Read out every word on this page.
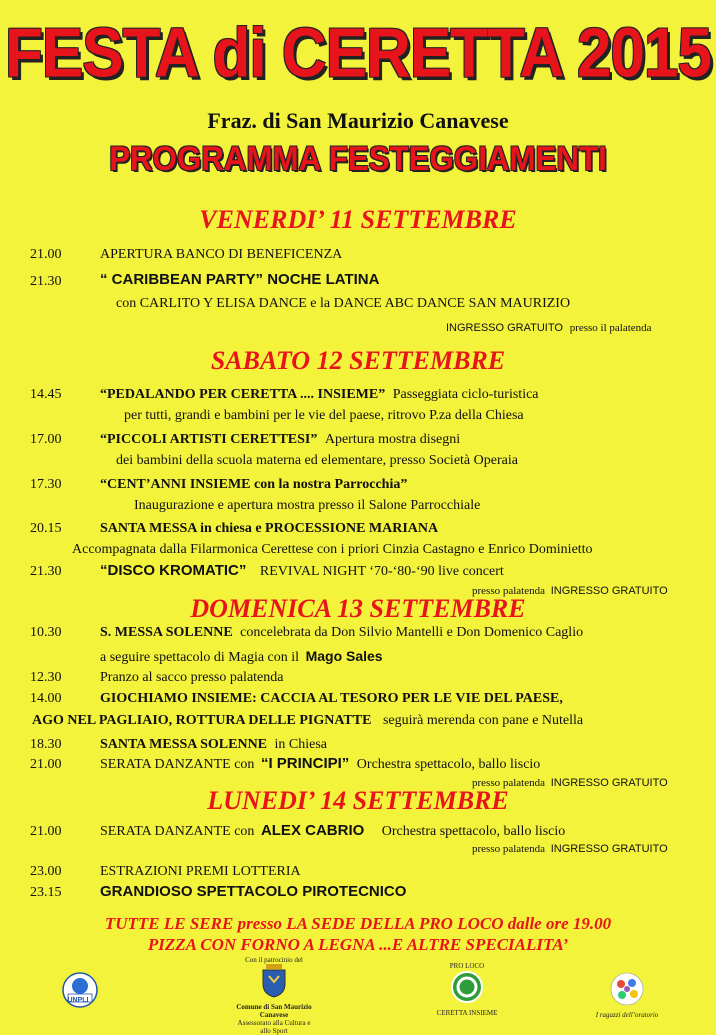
FESTA di CERETTA 2015
Fraz. di San Maurizio Canavese
PROGRAMMA FESTEGGIAMENTI
VENERDI’ 11 SETTEMBRE
21.00	APERTURA BANCO DI BENEFICENZA
21.30	“ CARIBBEAN PARTY” NOCHE LATINA
con CARLITO Y ELISA DANCE e la DANCE ABC DANCE SAN MAURIZIO
INGRESSO GRATUITO presso il palatenda
SABATO 12 SETTEMBRE
14.45	“PEDALANDO PER CERETTA .... INSIEME” Passeggiata ciclo-turistica
per tutti, grandi e bambini per le vie del paese, ritrovo P.za della Chiesa
17.00	“PICCOLI ARTISTI CERETTESI” Apertura mostra disegni
dei bambini della scuola materna ed elementare, presso Società Operaia
17.30	“CENT’ANNI INSIEME con la nostra Parrocchia”
Inaugurazione e apertura mostra presso il Salone Parrocchiale
20.15	SANTA MESSA in chiesa e PROCESSIONE MARIANA
Accompagnata dalla Filarmonica Cerettese con i priori Cinzia Castagno e Enrico Dominietto
21.30	“DISCO KROMATIC” REVIVAL NIGHT ‘70-‘80-‘90 live concert
presso palatenda INGRESSO GRATUITO
DOMENICA 13 SETTEMBRE
10.30	S. MESSA SOLENNE concelebrata da Don Silvio Mantelli e Don Domenico Caglio
a seguire spettacolo di Magia con il Mago Sales
12.30	Pranzo al sacco presso palatenda
14.00	GIOCHIAMO INSIEME: CACCIA AL TESORO PER LE VIE DEL PAESE,
AGO NEL PAGLIAIO, ROTTURA DELLE PIGNATTE seguirà merenda con pane e Nutella
18.30	SANTA MESSA SOLENNE in Chiesa
21.00	SERATA DANZANTE con “I PRINCIPI” Orchestra spettacolo, ballo liscio
presso palatenda INGRESSO GRATUITO
LUNEDI’ 14 SETTEMBRE
21.00	SERATA DANZANTE con ALEX CABRIO Orchestra spettacolo, ballo liscio
presso palatenda INGRESSO GRATUITO
23.00	ESTRAZIONI PREMI LOTTERIA
23.15	GRANDIOSO SPETTACOLO PIROTECNICO
TUTTE LE SERE presso LA SEDE DELLA PRO LOCO dalle ore 19.00
PIZZA CON FORNO A LEGNA ...E ALTRE SPECIALITA’
UNPLI
Con il patrocinio del
Comune di San Maurizio Canavese
Assessorato alla Cultura e allo Sport
PRO LOCO
CERETTA INSIEME	I ragazzi dell’oratorio
